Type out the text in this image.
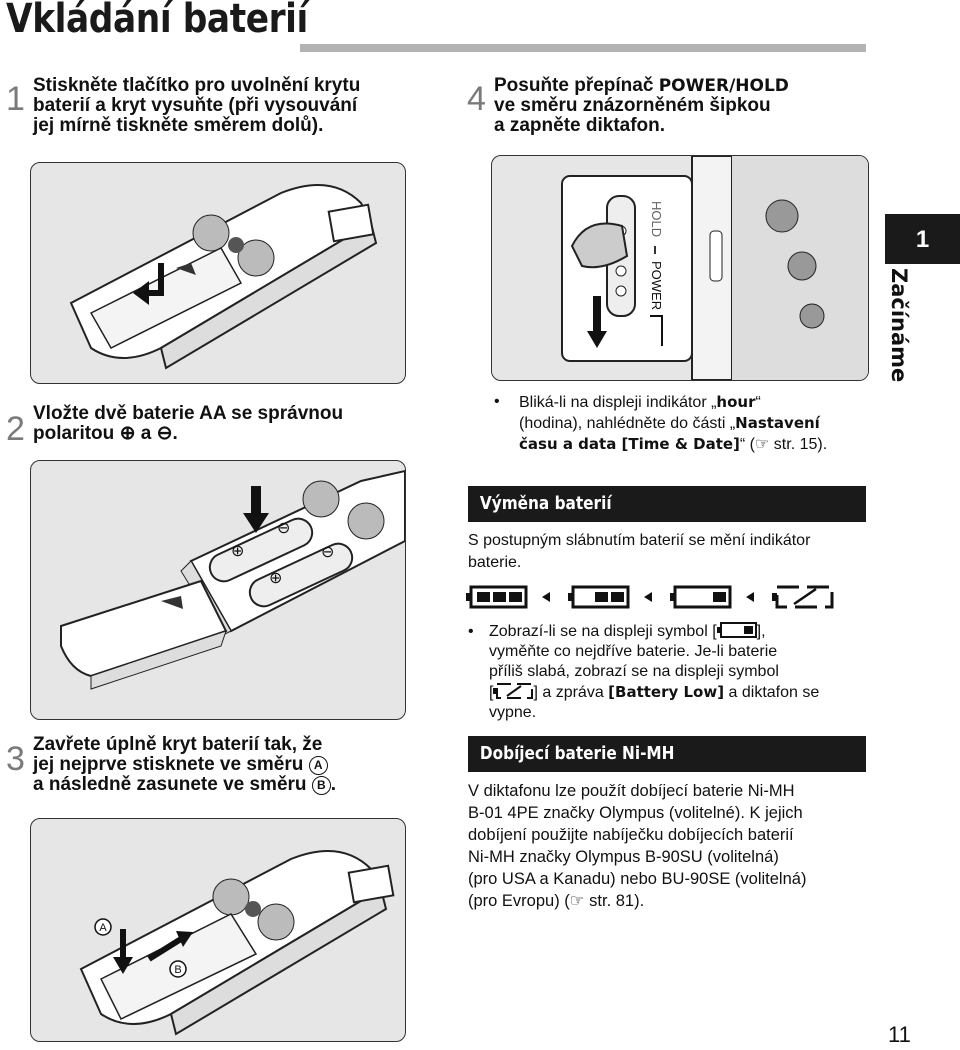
Vkládání baterií
1 Stiskněte tlačítko pro uvolnění krytu
baterií a kryt vysuňte (při vysouvání
jej mírně tiskněte směrem dolů).
4 Posuňte přepínač POWER/HOLD
ve směru znázorněném šipkou
a zapněte diktafon.
HOLD
POWER
1
Začínáme
2 Vložte dvě baterie AA se správnou
polaritou ⊕ a ⊖.
• Bliká-li na displeji indikátor „hour“
(hodina), nahlédněte do části „Nastavení
času a data [Time & Date]“ (☞ str. 15).
⊕
⊖
⊕
⊖
Výměna baterií
S postupným slábnutím baterií se mění indikátor
baterie.
• Zobrazí-li se na displeji symbol [	],
vyměňte co nejdříve baterie. Je-li baterie
příliš slabá, zobrazí se na displeji symbol
[	] a zpráva [Battery Low] a diktafon se
vypne.
3 Zavřete úplně kryt baterií tak, že
jej nejprve stisknete ve směru A
a následně zasunete ve směru B .
A
B
Dobíjecí baterie Ni-MH
V diktafonu lze použít dobíjecí baterie Ni-MH
B-01 4PE značky Olympus (volitelné). K jejich
dobíjení použijte nabíječku dobíjecích baterií
Ni-MH značky Olympus B-90SU (volitelná)
(pro USA a Kanadu) nebo BU-90SE (volitelná)
(pro Evropu) (☞ str. 81).
11
